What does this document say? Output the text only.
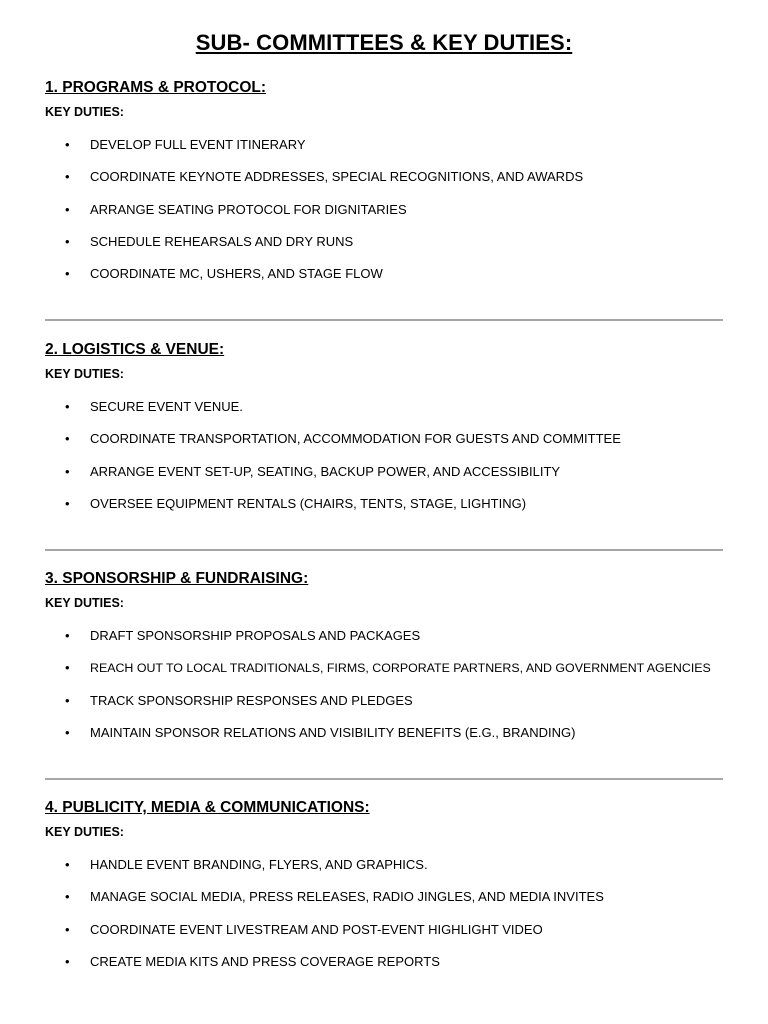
SUB- COMMITTEES & KEY DUTIES:
1. PROGRAMS & PROTOCOL:

KEY DUTIES:

• DEVELOP FULL EVENT ITINERARY
• COORDINATE KEYNOTE ADDRESSES, SPECIAL RECOGNITIONS, AND AWARDS
• ARRANGE SEATING PROTOCOL FOR DIGNITARIES
• SCHEDULE REHEARSALS AND DRY RUNS
• COORDINATE MC, USHERS, AND STAGE FLOW
2. LOGISTICS & VENUE:

KEY DUTIES:

• SECURE EVENT VENUE.
• COORDINATE TRANSPORTATION, ACCOMMODATION FOR GUESTS AND COMMITTEE
• ARRANGE EVENT SET-UP, SEATING, BACKUP POWER, AND ACCESSIBILITY
• OVERSEE EQUIPMENT RENTALS (CHAIRS, TENTS, STAGE, LIGHTING)
3. SPONSORSHIP & FUNDRAISING:

KEY DUTIES:

• DRAFT SPONSORSHIP PROPOSALS AND PACKAGES
• REACH OUT TO LOCAL TRADITIONALS, FIRMS, CORPORATE PARTNERS, AND GOVERNMENT AGENCIES
• TRACK SPONSORSHIP RESPONSES AND PLEDGES
• MAINTAIN SPONSOR RELATIONS AND VISIBILITY BENEFITS (E.G., BRANDING)
4. PUBLICITY, MEDIA & COMMUNICATIONS:

KEY DUTIES:

• HANDLE EVENT BRANDING, FLYERS, AND GRAPHICS.
• MANAGE SOCIAL MEDIA, PRESS RELEASES, RADIO JINGLES, AND MEDIA INVITES
• COORDINATE EVENT LIVESTREAM AND POST-EVENT HIGHLIGHT VIDEO
• CREATE MEDIA KITS AND PRESS COVERAGE REPORTS
